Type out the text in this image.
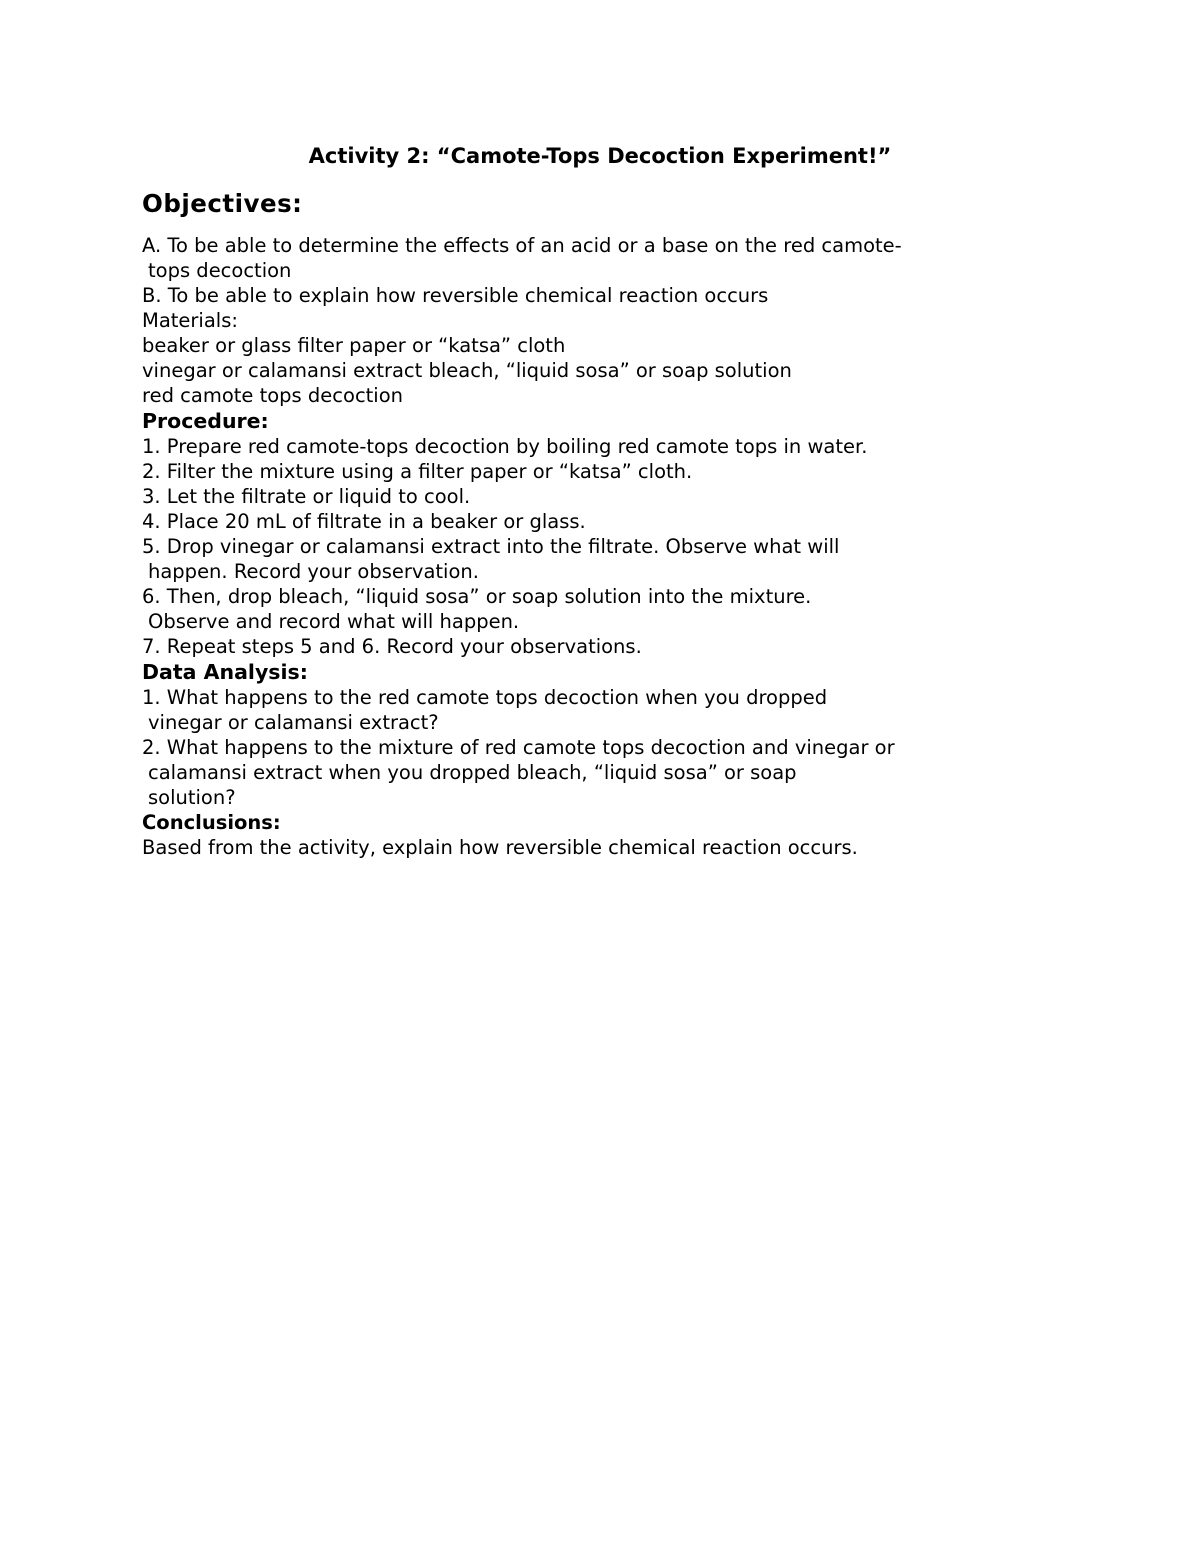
Activity 2: “Camote-Tops Decoction Experiment!”
Objectives:
A. To be able to determine the effects of an acid or a base on the red camote-
tops decoction
B. To be able to explain how reversible chemical reaction occurs
Materials:
beaker or glass filter paper or “katsa” cloth
vinegar or calamansi extract bleach, “liquid sosa” or soap solution
red camote tops decoction
Procedure:
1. Prepare red camote-tops decoction by boiling red camote tops in water.
2. Filter the mixture using a filter paper or “katsa” cloth.
3. Let the filtrate or liquid to cool.
4. Place 20 mL of filtrate in a beaker or glass.
5. Drop vinegar or calamansi extract into the filtrate. Observe what will
happen. Record your observation.
6. Then, drop bleach, “liquid sosa” or soap solution into the mixture.
Observe and record what will happen.
7. Repeat steps 5 and 6. Record your observations.
Data Analysis:
1. What happens to the red camote tops decoction when you dropped
vinegar or calamansi extract?
2. What happens to the mixture of red camote tops decoction and vinegar or
calamansi extract when you dropped bleach, “liquid sosa” or soap
solution?
Conclusions:
Based from the activity, explain how reversible chemical reaction occurs.
